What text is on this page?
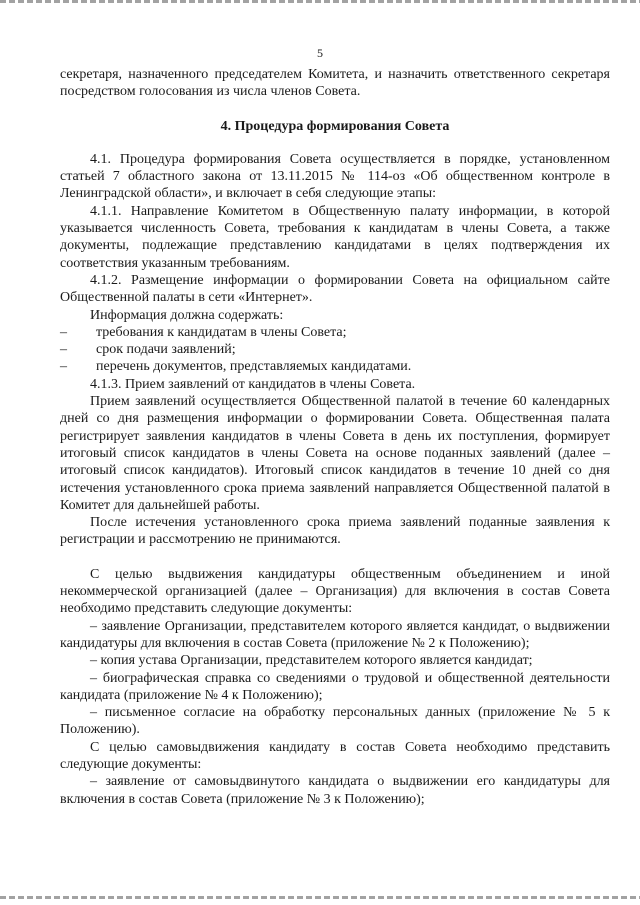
5

секретаря, назначенного председателем Комитета, и назначить ответственного секретаря посредством голосования из числа членов Совета.

4. Процедура формирования Совета

4.1. Процедура формирования Совета осуществляется в порядке, установленном статьей 7 областного закона от 13.11.2015 № 114-оз «Об общественном контроле в Ленинградской области», и включает в себя следующие этапы:

4.1.1. Направление Комитетом в Общественную палату информации, в которой указывается численность Совета, требования к кандидатам в члены Совета, а также документы, подлежащие представлению кандидатами в целях подтверждения их соответствия указанным требованиям.

4.1.2. Размещение информации о формировании Совета на официальном сайте Общественной палаты в сети «Интернет».

Информация должна содержать:

– требования к кандидатам в члены Совета;

– срок подачи заявлений;

– перечень документов, представляемых кандидатами.

4.1.3. Прием заявлений от кандидатов в члены Совета.

Прием заявлений осуществляется Общественной палатой в течение 60 календарных дней со дня размещения информации о формировании Совета. Общественная палата регистрирует заявления кандидатов в члены Совета в день их поступления, формирует итоговый список кандидатов в члены Совета на основе поданных заявлений (далее – итоговый список кандидатов). Итоговый список кандидатов в течение 10 дней со дня истечения установленного срока приема заявлений направляется Общественной палатой в Комитет для дальнейшей работы.

После истечения установленного срока приема заявлений поданные заявления к регистрации и рассмотрению не принимаются.

С целью выдвижения кандидатуры общественным объединением и иной некоммерческой организацией (далее – Организация) для включения в состав Совета необходимо представить следующие документы:

– заявление Организации, представителем которого является кандидат, о выдвижении кандидатуры для включения в состав Совета (приложение № 2 к Положению);

– копия устава Организации, представителем которого является кандидат;

– биографическая справка со сведениями о трудовой и общественной деятельности кандидата (приложение № 4 к Положению);

– письменное согласие на обработку персональных данных (приложение № 5 к Положению).

С целью самовыдвижения кандидату в состав Совета необходимо представить следующие документы:

– заявление от самовыдвинутого кандидата о выдвижении его кандидатуры для включения в состав Совета (приложение № 3 к Положению);
